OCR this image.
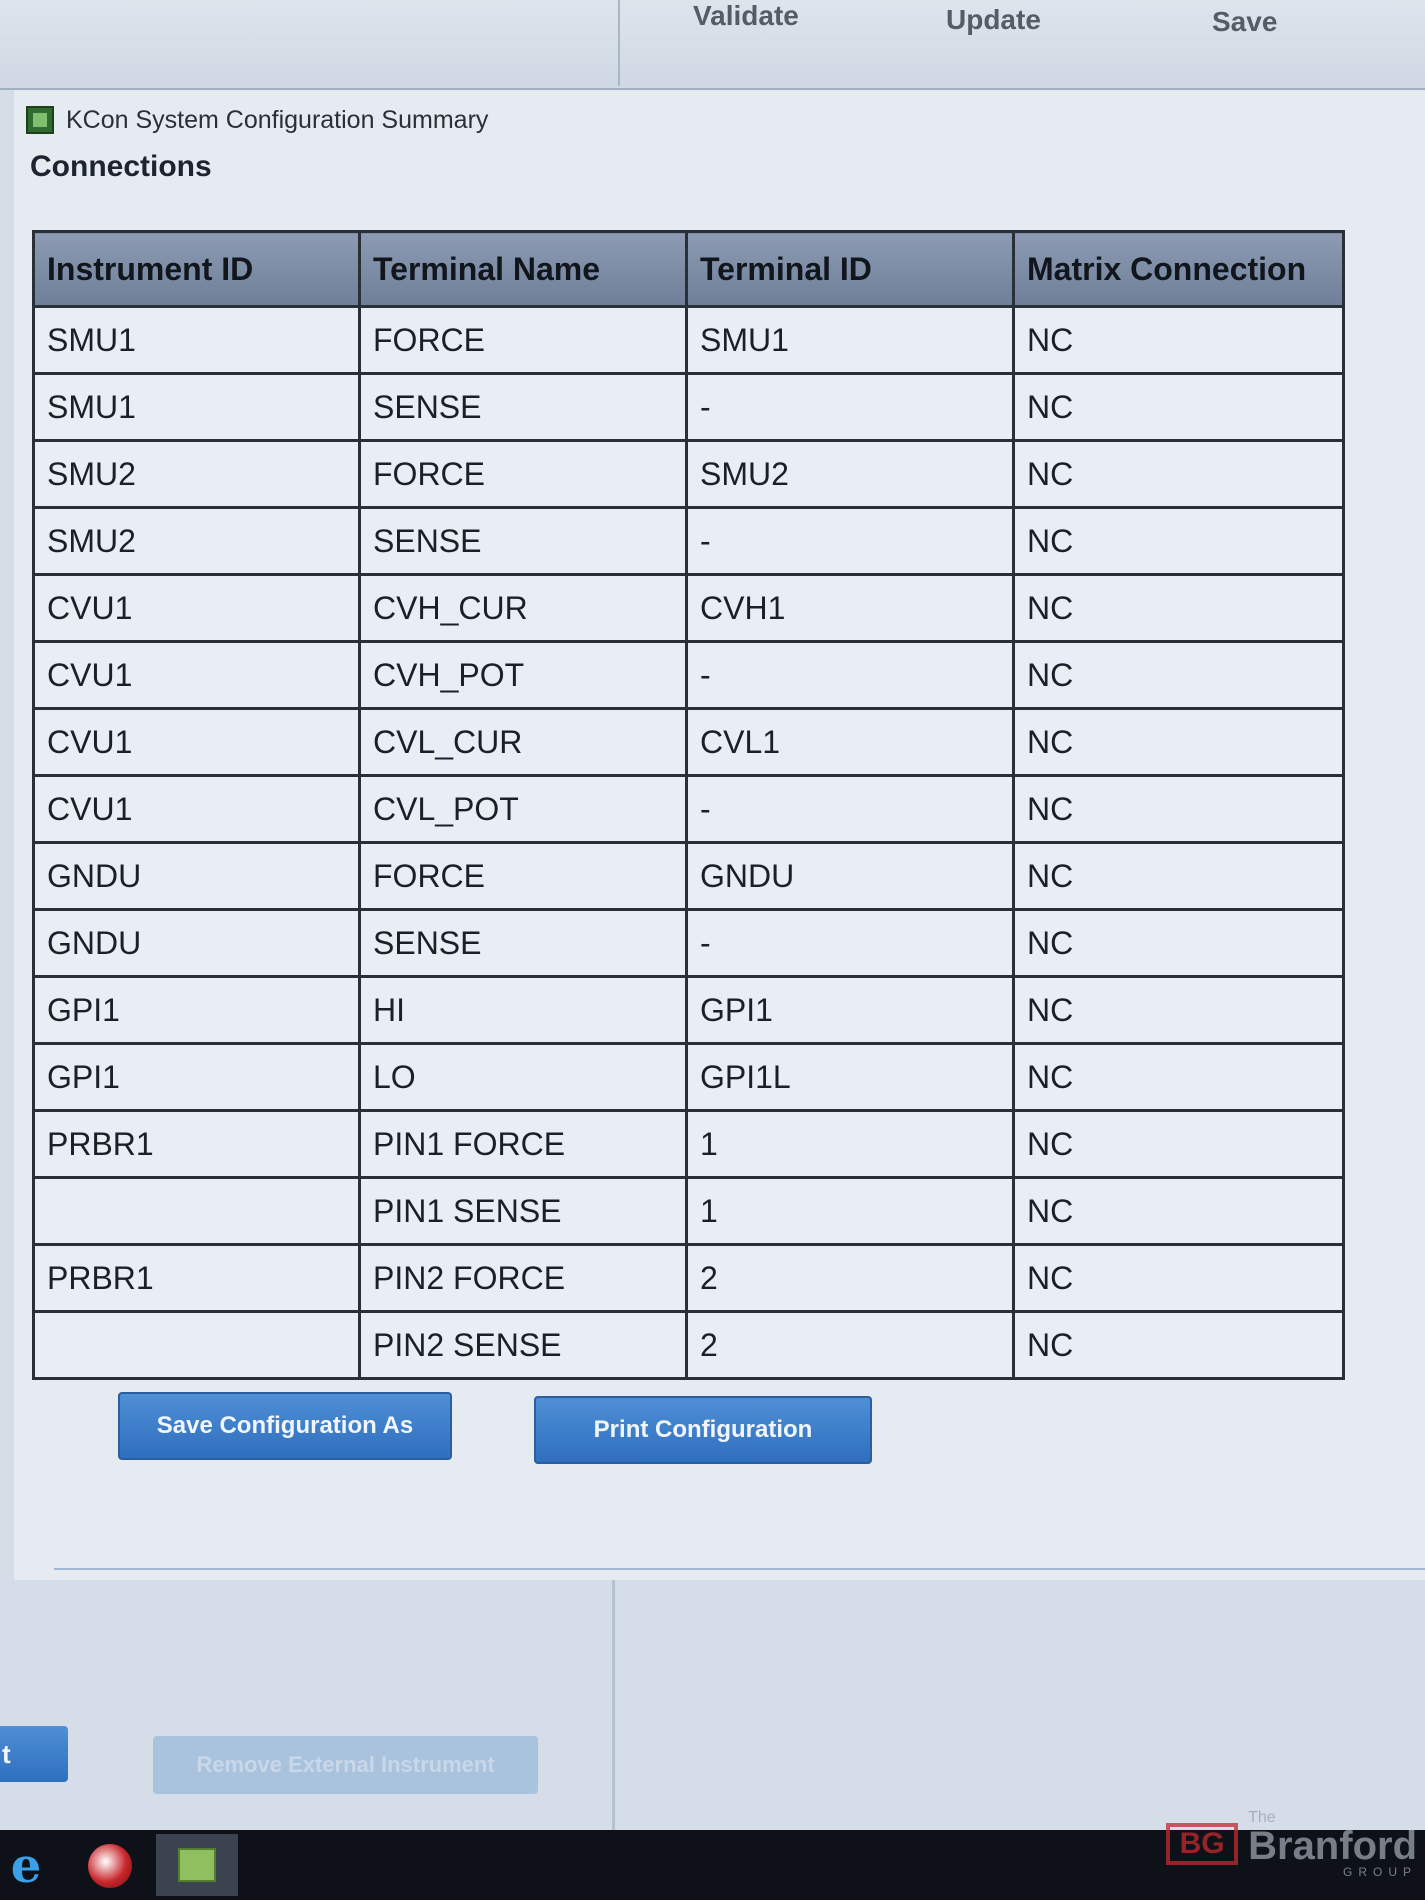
Validate	Update	Save
KCon System Configuration Summary
Connections
Instrument ID	Terminal Name	Terminal ID	Matrix Connection
SMU1	FORCE	SMU1	NC
SMU1	SENSE	-	NC
SMU2	FORCE	SMU2	NC
SMU2	SENSE	-	NC
CVU1	CVH_CUR	CVH1	NC
CVU1	CVH_POT	-	NC
CVU1	CVL_CUR	CVL1	NC
CVU1	CVL_POT	-	NC
GNDU	FORCE	GNDU	NC
GNDU	SENSE	-	NC
GPI1	HI	GPI1	NC
GPI1	LO	GPI1L	NC
PRBR1	PIN1 FORCE	1	NC
	PIN1 SENSE	1	NC
PRBR1	PIN2 FORCE	2	NC
	PIN2 SENSE	2	NC
Save Configuration As	Print Configuration
t	Remove External Instrument
e	BG
The
Branford
GROUP
